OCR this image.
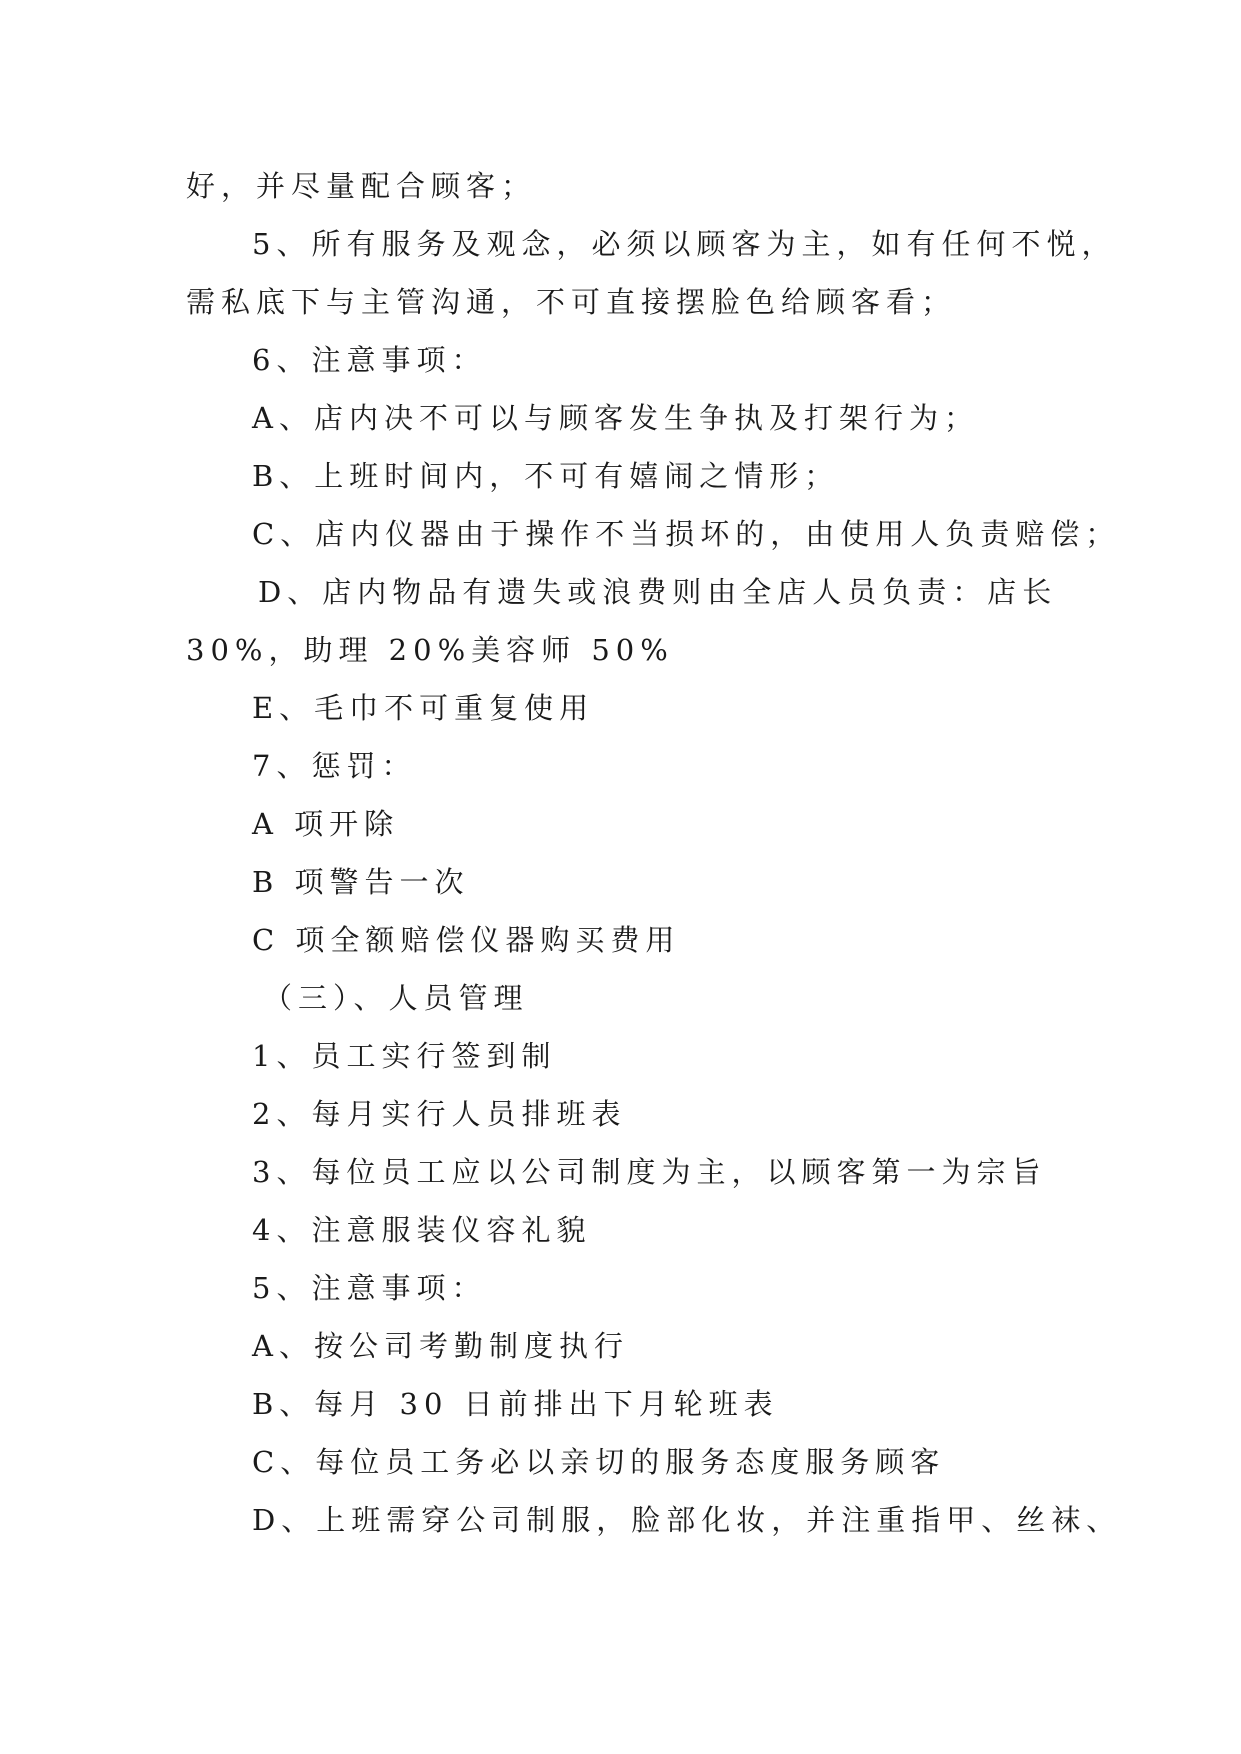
好，并尽量配合顾客；
5、所有服务及观念，必须以顾客为主，如有任何不悦，
需私底下与主管沟通，不可直接摆脸色给顾客看；
6、注意事项：
A、店内决不可以与顾客发生争执及打架行为；
B、上班时间内，不可有嬉闹之情形；
C、店内仪器由于操作不当损坏的，由使用人负责赔偿；
D、店内物品有遗失或浪费则由全店人员负责：店长
30%，助理 20%美容师 50%
E、毛巾不可重复使用
7、惩罚：
A 项开除
B 项警告一次
C 项全额赔偿仪器购买费用
（三）、人员管理
1、员工实行签到制
2、每月实行人员排班表
3、每位员工应以公司制度为主，以顾客第一为宗旨
4、注意服装仪容礼貌
5、注意事项：
A、按公司考勤制度执行
B、每月 30 日前排出下月轮班表
C、每位员工务必以亲切的服务态度服务顾客
D、上班需穿公司制服，脸部化妆，并注重指甲、丝袜、
